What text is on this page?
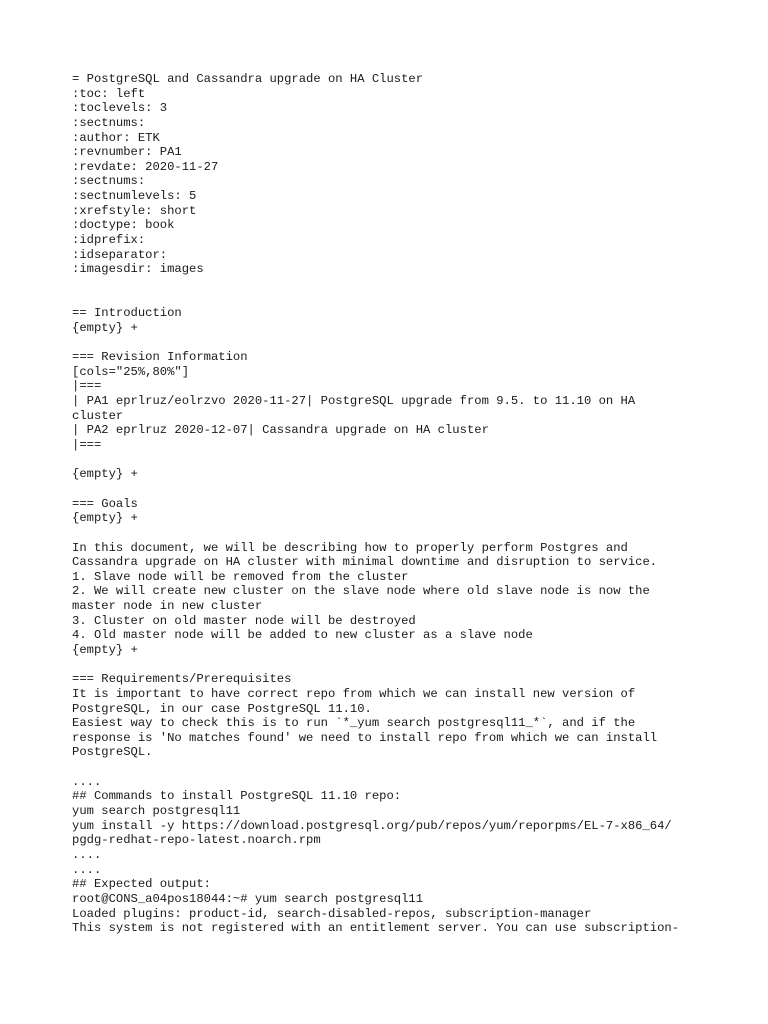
= PostgreSQL and Cassandra upgrade on HA Cluster
:toc: left
:toclevels: 3
:sectnums:
:author: ETK
:revnumber: PA1
:revdate: 2020-11-27
:sectnums:
:sectnumlevels: 5
:xrefstyle: short
:doctype: book
:idprefix:
:idseparator:
:imagesdir: images
== Introduction
{empty} +
=== Revision Information
[cols="25%,80%"]
|===
| PA1 eprlruz/eolrzvo 2020-11-27| PostgreSQL upgrade from 9.5. to 11.10 on HA
cluster
| PA2 eprlruz 2020-12-07| Cassandra upgrade on HA cluster
|===
{empty} +
=== Goals
{empty} +
In this document, we will be describing how to properly perform Postgres and
Cassandra upgrade on HA cluster with minimal downtime and disruption to service.
1. Slave node will be removed from the cluster
2. We will create new cluster on the slave node where old slave node is now the
master node in new cluster
3. Cluster on old master node will be destroyed
4. Old master node will be added to new cluster as a slave node
{empty} +
=== Requirements/Prerequisites
It is important to have correct repo from which we can install new version of
PostgreSQL, in our case PostgreSQL 11.10.
Easiest way to check this is to run `*_yum search postgresql11_*`, and if the
response is 'No matches found' we need to install repo from which we can install
PostgreSQL.
....
## Commands to install PostgreSQL 11.10 repo:
yum search postgresql11
yum install -y https://download.postgresql.org/pub/repos/yum/reporpms/EL-7-x86_64/
pgdg-redhat-repo-latest.noarch.rpm
....
....
## Expected output:
root@CONS_a04pos18044:~# yum search postgresql11
Loaded plugins: product-id, search-disabled-repos, subscription-manager
This system is not registered with an entitlement server. You can use subscription-
